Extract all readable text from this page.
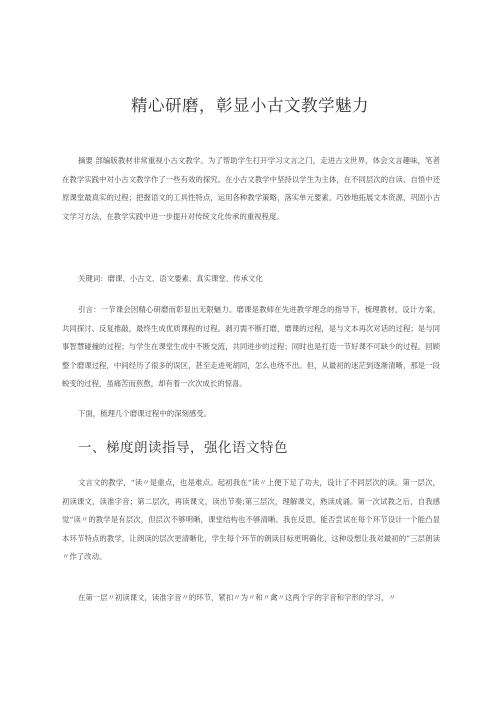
精心研磨，彰显小古文教学魅力
摘要 部编版教材非常重视小古文教学。为了帮助学生打开学习文言之门，走进古文世界，体会文言趣味，笔者在教学实践中对小古文教学作了一些有效的探究。在小古文教学中坚持以学生为主体，在不同层次的自读、自悟中还原课堂最真实的过程；把握语文的工具性特点，运用各种教学策略，落实单元要素。巧妙地拓展文本资源，巩固小古文学习方法，在教学实践中进一步提升对传统文化传承的重视程度。
关键词：磨课、小古文、语文要素、真实课堂、传承文化
引言：一节课会因精心研磨而彰显出无限魅力。磨课是教师在先进教学理念的指导下，梳理教材，设计方案，共同探讨、反复推敲，最终生成优质课程的过程。剥刃需不断打磨，磨课的过程，是与文本再次对话的过程；是与同事智慧碰撞的过程；与学生在课堂生成中不断交流，共同进步的过程；同时也是打造一节好课不可缺少的过程。回顾整个磨课过程，中间经历了很多的误区，甚至走进死胡同，怎么也绕不出。但，从最初的迷茫到逐渐清晰，那是一段蜕变的过程，虽痛苦而煎熬，却有着一次次成长的惊喜。
下面，梳理几个磨课过程中的深刻感受。
一、梯度朗读指导，强化语文特色
文言文的教学，“读〃是重点，也是难点。起初我在“读〃上便下足了功夫，设计了不同层次的读。第一层次，初读课文，读准字音；第二层次，再读课文，读出节奏;第三层次，理解课文，熟读成诵。第一次试教之后，自我感觉“读〃的教学是有层次，但层次不够明晰，课堂结构也不够清晰。我在反思，能否尝试在每个环节设计一个能凸显本环节特点的教学，让朗读的层次更清晰化，学生每个环节的朗读目标更明确化，这种设想让我对最初的”三层朗读〃作了改动。
在第一层〃初读课文，读准字音〃的环节，紧扣〃为〃和〃禽〃这两个字的字音和字形的学习，〃
